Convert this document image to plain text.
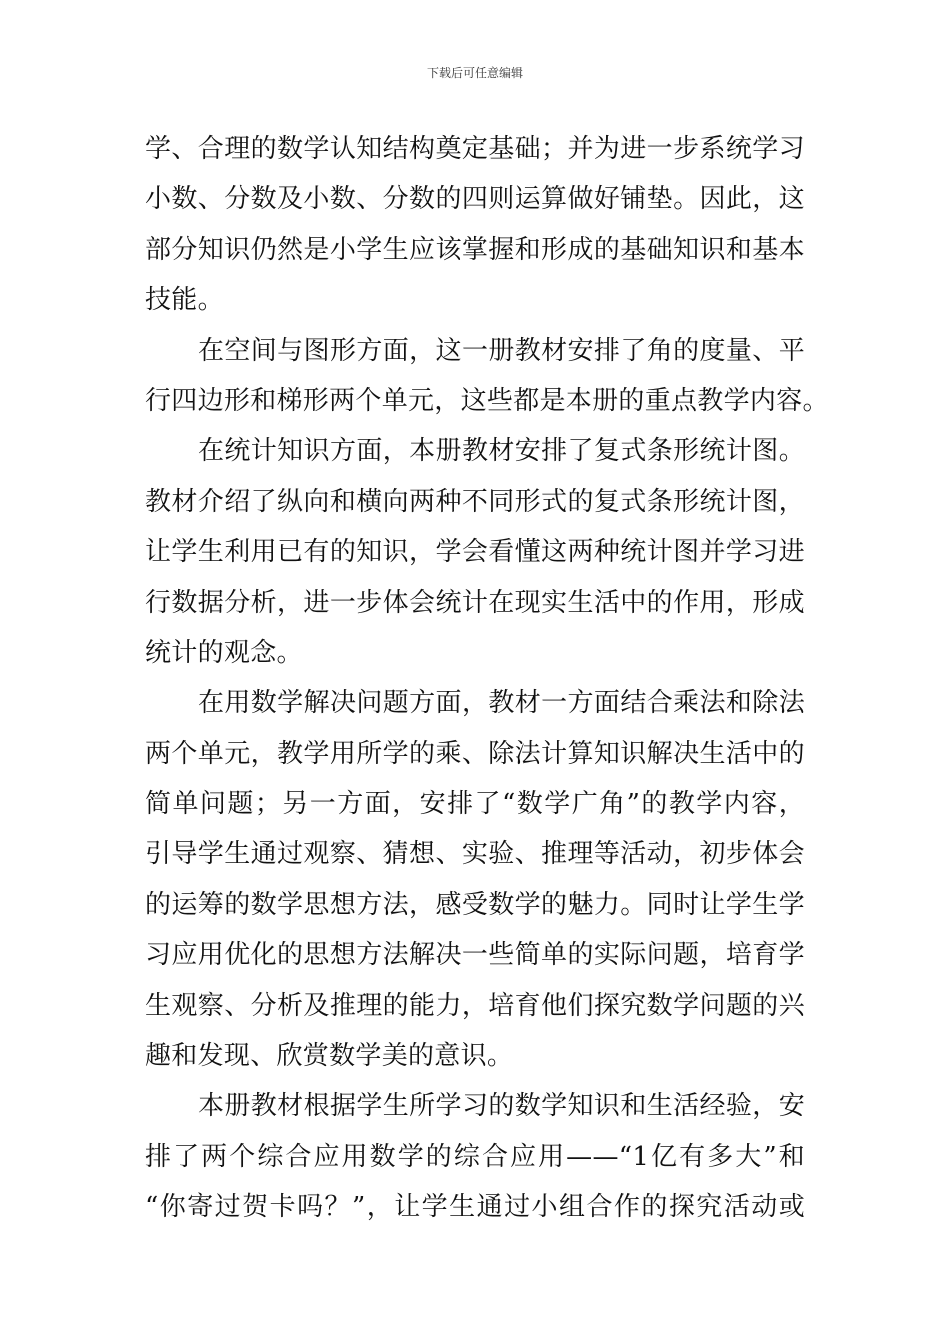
下载后可任意编辑
学、合理的数学认知结构奠定基础；并为进一步系统学习
小数、分数及小数、分数的四则运算做好铺垫。因此，这
部分知识仍然是小学生应该掌握和形成的基础知识和基本
技能。
在空间与图形方面，这一册教材安排了角的度量、平
行四边形和梯形两个单元，这些都是本册的重点教学内容。
在统计知识方面，本册教材安排了复式条形统计图。
教材介绍了纵向和横向两种不同形式的复式条形统计图，
让学生利用已有的知识，学会看懂这两种统计图并学习进
行数据分析，进一步体会统计在现实生活中的作用，形成
统计的观念。
在用数学解决问题方面，教材一方面结合乘法和除法
两个单元，教学用所学的乘、除法计算知识解决生活中的
简单问题；另一方面，安排了“数学广角”的教学内容，
引导学生通过观察、猜想、实验、推理等活动，初步体会
的运筹的数学思想方法，感受数学的魅力。同时让学生学
习应用优化的思想方法解决一些简单的实际问题，培育学
生观察、分析及推理的能力，培育他们探究数学问题的兴
趣和发现、欣赏数学美的意识。
本册教材根据学生所学习的数学知识和生活经验，安
排了两个综合应用数学的综合应用——“1亿有多大”和
“你寄过贺卡吗？”，让学生通过小组合作的探究活动或
